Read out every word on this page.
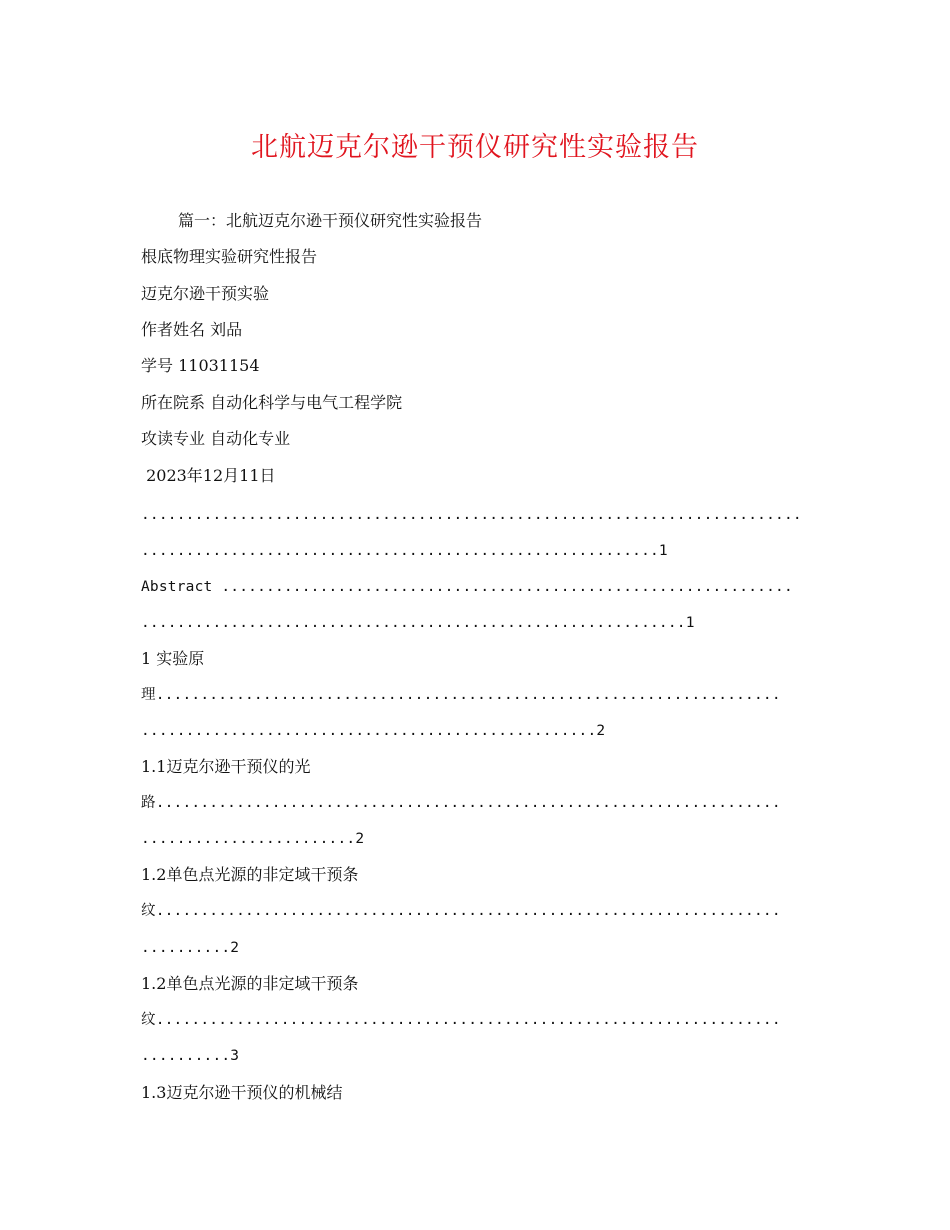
北航迈克尔逊干预仪研究性实验报告
篇一：北航迈克尔逊干预仪研究性实验报告
根底物理实验研究性报告
迈克尔逊干预实验
作者姓名 刘品
学号 11031154
所在院系 自动化科学与电气工程学院
攻读专业 自动化专业
2023年12月11日
..........................................................................
..........................................................1
Abstract ................................................................
.............................................................1
1 实验原
理......................................................................
...................................................2
1.1迈克尔逊干预仪的光
路......................................................................
........................2
1.2单色点光源的非定域干预条
纹......................................................................
..........2
1.2单色点光源的非定域干预条
纹......................................................................
..........3
1.3迈克尔逊干预仪的机械结
